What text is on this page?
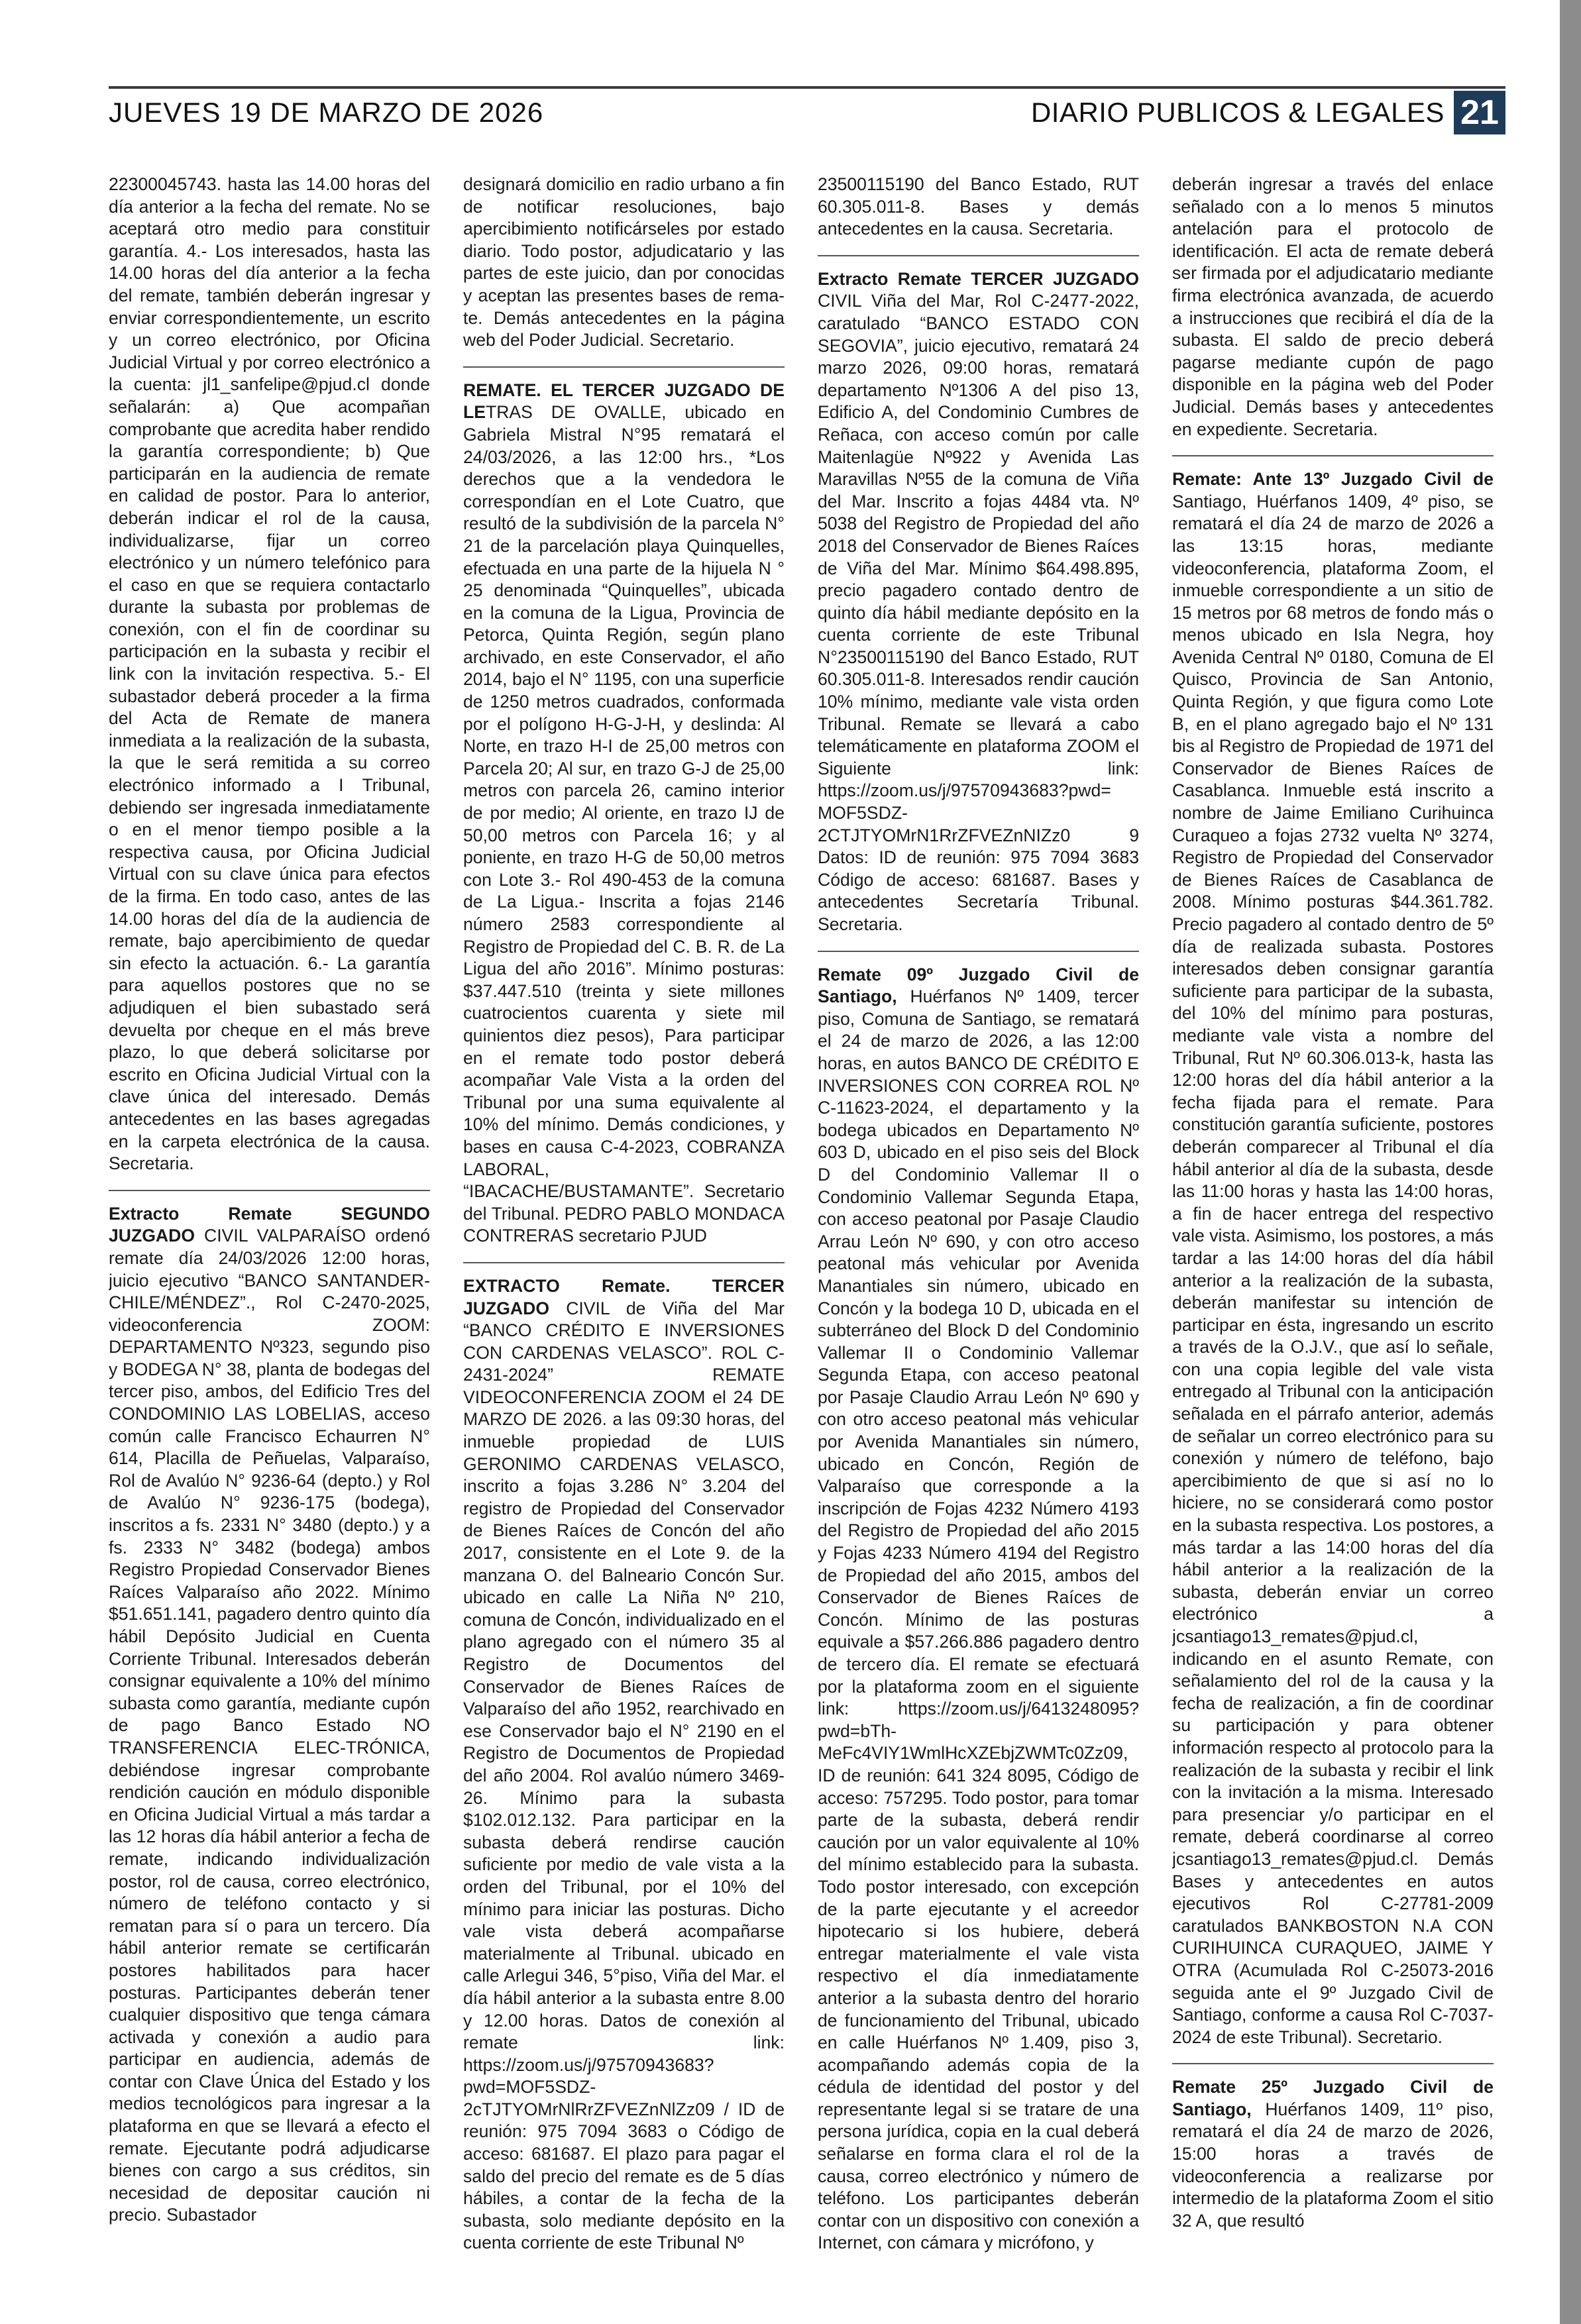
JUEVES 19 DE MARZO DE 2026	DIARIO PUBLICOS & LEGALES 21

22300045743. hasta las 14.00 horas del día anterior a la fecha del remate. No se aceptará otro medio para constituir garantía. 4.- Los interesados, hasta las 14.00 horas del día anterior a la fecha del remate, también deberán ingresar y enviar correspondientemente, un escrito y un correo electrónico, por Oficina Judicial Virtual y por correo electrónico a la cuenta: jl1_sanfelipe@pjud.cl donde señalarán: a) Que acompañan comprobante que acredita haber rendido la garantía correspondiente; b) Que participarán en la audiencia de remate en calidad de postor. Para lo anterior, deberán indicar el rol de la causa, individualizarse, fijar un correo electrónico y un número telefónico para el caso en que se requiera contactarlo durante la subasta por problemas de conexión, con el fin de coordinar su participación en la subasta y recibir el link con la invitación respectiva. 5.- El subastador deberá proceder a la firma del Acta de Remate de manera inmediata a la realización de la subasta, la que le será remitida a su correo electrónico informado a I Tribunal, debiendo ser ingresada inmediatamente o en el menor tiempo posible a la respectiva causa, por Oficina Judicial Virtual con su clave única para efectos de la firma. En todo caso, antes de las 14.00 horas del día de la audiencia de remate, bajo apercibimiento de quedar sin efecto la actuación. 6.- La garantía para aquellos postores que no se adjudiquen el bien subastado será devuelta por cheque en el más breve plazo, lo que deberá solicitarse por escrito en Oficina Judicial Virtual con la clave única del interesado. Demás antecedentes en las bases agregadas en la carpeta electrónica de la causa. Secretaria.

Extracto Remate SEGUNDO JUZGADO CIVIL VALPARAÍSO ordenó remate día 24/03/2026 12:00 horas, juicio ejecutivo “BANCO SANTANDER-CHILE/MÉNDEZ”., Rol C-2470-2025, videoconferencia ZOOM: DEPARTAMENTO Nº323, segundo piso y BODEGA N° 38, planta de bodegas del tercer piso, ambos, del Edificio Tres del CONDOMINIO LAS LOBELIAS, acceso común calle Francisco Echaurren N° 614, Placilla de Peñuelas, Valparaíso, Rol de Avalúo N° 9236-64 (depto.) y Rol de Avalúo N° 9236-175 (bodega), inscritos a fs. 2331 N° 3480 (depto.) y a fs. 2333 N° 3482 (bodega) ambos Registro Propiedad Conservador Bienes Raíces Valparaíso año 2022. Mínimo $51.651.141, pagadero dentro quinto día hábil Depósito Judicial en Cuenta Corriente Tribunal. Interesados deberán consignar equivalente a 10% del mínimo subasta como garantía, mediante cupón de pago Banco Estado NO TRANSFERENCIA ELEC-TRÓNICA, debiéndose ingresar comprobante rendición caución en módulo disponible en Oficina Judicial Virtual a más tardar a las 12 horas día hábil anterior a fecha de remate, indicando individualización postor, rol de causa, correo electrónico, número de teléfono contacto y si rematan para sí o para un tercero. Día hábil anterior remate se certificarán postores habilitados para hacer posturas. Participantes deberán tener cualquier dispositivo que tenga cámara activada y conexión a audio para participar en audiencia, además de contar con Clave Única del Estado y los medios tecnológicos para ingresar a la plataforma en que se llevará a efecto el remate. Ejecutante podrá adjudicarse bienes con cargo a sus créditos, sin necesidad de depositar caución ni precio. Subastador

designará domicilio en radio urbano a fin de notificar resoluciones, bajo apercibimiento notificárseles por estado diario. Todo postor, adjudicatario y las partes de este juicio, dan por conocidas y aceptan las presentes bases de rema-te. Demás antecedentes en la página web del Poder Judicial. Secretario.

REMATE. EL TERCER JUZGADO DE LETRAS DE OVALLE, ubicado en Gabriela Mistral N°95 rematará el 24/03/2026, a las 12:00 hrs., *Los derechos que a la vendedora le correspondían en el Lote Cuatro, que resultó de la subdivisión de la parcela N° 21 de la parcelación playa Quinquelles, efectuada en una parte de la hijuela N ° 25 denominada “Quinquelles”, ubicada en la comuna de la Ligua, Provincia de Petorca, Quinta Región, según plano archivado, en este Conservador, el año 2014, bajo el N° 1195, con una superficie de 1250 metros cuadrados, conformada por el polígono H-G-J-H, y deslinda: Al Norte, en trazo H-I de 25,00 metros con Parcela 20; Al sur, en trazo G-J de 25,00 metros con parcela 26, camino interior de por medio; Al oriente, en trazo IJ de 50,00 metros con Parcela 16; y al poniente, en trazo H-G de 50,00 metros con Lote 3.- Rol 490-453 de la comuna de La Ligua.- Inscrita a fojas 2146 número 2583 correspondiente al Registro de Propiedad del C. B. R. de La Ligua del año 2016”. Mínimo posturas: $37.447.510 (treinta y siete millones cuatrocientos cuarenta y siete mil quinientos diez pesos), Para participar en el remate todo postor deberá acompañar Vale Vista a la orden del Tribunal por una suma equivalente al 10% del mínimo. Demás condiciones, y bases en causa C-4-2023, COBRANZA LABORAL, “IBACACHE/BUSTAMANTE”. Secretario del Tribunal. PEDRO PABLO MONDACA CONTRERAS secretario PJUD

EXTRACTO Remate. TERCER JUZGADO CIVIL de Viña del Mar “BANCO CRÉDITO E INVERSIONES CON CARDENAS VELASCO”. ROL C-2431-2024” REMATE VIDEOCONFERENCIA ZOOM el 24 DE MARZO DE 2026. a las 09:30 horas, del inmueble propiedad de LUIS GERONIMO CARDENAS VELASCO, inscrito a fojas 3.286 N° 3.204 del registro de Propiedad del Conservador de Bienes Raíces de Concón del año 2017, consistente en el Lote 9. de la manzana O. del Balneario Concón Sur. ubicado en calle La Niña Nº 210, comuna de Concón, individualizado en el plano agregado con el número 35 al Registro de Documentos del Conservador de Bienes Raíces de Valparaíso del año 1952, rearchivado en ese Conservador bajo el N° 2190 en el Registro de Documentos de Propiedad del año 2004. Rol avalúo número 3469-26. Mínimo para la subasta $102.012.132. Para participar en la subasta deberá rendirse caución suficiente por medio de vale vista a la orden del Tribunal, por el 10% del mínimo para iniciar las posturas. Dicho vale vista deberá acompañarse materialmente al Tribunal. ubicado en calle Arlegui 346, 5°piso, Viña del Mar. el día hábil anterior a la subasta entre 8.00 y 12.00 horas. Datos de conexión al remate link: https://zoom.us/j/97570943683?pwd=MOF5SDZ-2cTJTYOMrNlRrZFVEZnNlZz09 / ID de reunión: 975 7094 3683 o Código de acceso: 681687. El plazo para pagar el saldo del precio del remate es de 5 días hábiles, a contar de la fecha de la subasta, solo mediante depósito en la cuenta corriente de este Tribunal Nº

23500115190 del Banco Estado, RUT 60.305.011-8. Bases y demás antecedentes en la causa. Secretaria.

Extracto Remate TERCER JUZGADO CIVIL Viña del Mar, Rol C-2477-2022, caratulado “BANCO ESTADO CON SEGOVIA”, juicio ejecutivo, rematará 24 marzo 2026, 09:00 horas, rematará departamento Nº1306 A del piso 13, Edificio A, del Condominio Cumbres de Reñaca, con acceso común por calle Maitenlagüe Nº922 y Avenida Las Maravillas Nº55 de la comuna de Viña del Mar. Inscrito a fojas 4484 vta. Nº 5038 del Registro de Propiedad del año 2018 del Conservador de Bienes Raíces de Viña del Mar. Mínimo $64.498.895, precio pagadero contado dentro de quinto día hábil mediante depósito en la cuenta corriente de este Tribunal N°23500115190 del Banco Estado, RUT 60.305.011-8. Interesados rendir caución 10% mínimo, mediante vale vista orden Tribunal. Remate se llevará a cabo telemáticamente en plataforma ZOOM el Siguiente link: https://zoom.us/j/97570943683?pwd= MOF5SDZ-2CTJTYOMrN1RrZFVEZnNIZz0 9 Datos: ID de reunión: 975 7094 3683 Código de acceso: 681687. Bases y antecedentes Secretaría Tribunal. Secretaria.

Remate 09º Juzgado Civil de Santiago, Huérfanos Nº 1409, tercer piso, Comuna de Santiago, se rematará el 24 de marzo de 2026, a las 12:00 horas, en autos BANCO DE CRÉDITO E INVERSIONES CON CORREA ROL Nº C-11623-2024, el departamento y la bodega ubicados en Departamento Nº 603 D, ubicado en el piso seis del Block D del Condominio Vallemar II o Condominio Vallemar Segunda Etapa, con acceso peatonal por Pasaje Claudio Arrau León Nº 690, y con otro acceso peatonal más vehicular por Avenida Manantiales sin número, ubicado en Concón y la bodega 10 D, ubicada en el subterráneo del Block D del Condominio Vallemar II o Condominio Vallemar Segunda Etapa, con acceso peatonal por Pasaje Claudio Arrau León Nº 690 y con otro acceso peatonal más vehicular por Avenida Manantiales sin número, ubicado en Concón, Región de Valparaíso que corresponde a la inscripción de Fojas 4232 Número 4193 del Registro de Propiedad del año 2015 y Fojas 4233 Número 4194 del Registro de Propiedad del año 2015, ambos del Conservador de Bienes Raíces de Concón. Mínimo de las posturas equivale a $57.266.886 pagadero dentro de tercero día. El remate se efectuará por la plataforma zoom en el siguiente link: https://zoom.us/j/6413248095?pwd=bTh-MeFc4VIY1WmlHcXZEbjZWMTc0Zz09, ID de reunión: 641 324 8095, Código de acceso: 757295. Todo postor, para tomar parte de la subasta, deberá rendir caución por un valor equivalente al 10% del mínimo establecido para la subasta. Todo postor interesado, con excepción de la parte ejecutante y el acreedor hipotecario si los hubiere, deberá entregar materialmente el vale vista respectivo el día inmediatamente anterior a la subasta dentro del horario de funcionamiento del Tribunal, ubicado en calle Huérfanos Nº 1.409, piso 3, acompañando además copia de la cédula de identidad del postor y del representante legal si se tratare de una persona jurídica, copia en la cual deberá señalarse en forma clara el rol de la causa, correo electrónico y número de teléfono. Los participantes deberán contar con un dispositivo con conexión a Internet, con cámara y micrófono, y

deberán ingresar a través del enlace señalado con a lo menos 5 minutos antelación para el protocolo de identificación. El acta de remate deberá ser firmada por el adjudicatario mediante firma electrónica avanzada, de acuerdo a instrucciones que recibirá el día de la subasta. El saldo de precio deberá pagarse mediante cupón de pago disponible en la página web del Poder Judicial. Demás bases y antecedentes en expediente. Secretaria.

Remate: Ante 13º Juzgado Civil de Santiago, Huérfanos 1409, 4º piso, se rematará el día 24 de marzo de 2026 a las 13:15 horas, mediante videoconferencia, plataforma Zoom, el inmueble correspondiente a un sitio de 15 metros por 68 metros de fondo más o menos ubicado en Isla Negra, hoy Avenida Central Nº 0180, Comuna de El Quisco, Provincia de San Antonio, Quinta Región, y que figura como Lote B, en el plano agregado bajo el Nº 131 bis al Registro de Propiedad de 1971 del Conservador de Bienes Raíces de Casablanca. Inmueble está inscrito a nombre de Jaime Emiliano Curihuinca Curaqueo a fojas 2732 vuelta Nº 3274, Registro de Propiedad del Conservador de Bienes Raíces de Casablanca de 2008. Mínimo posturas $44.361.782. Precio pagadero al contado dentro de 5º día de realizada subasta. Postores interesados deben consignar garantía suficiente para participar de la subasta, del 10% del mínimo para posturas, mediante vale vista a nombre del Tribunal, Rut Nº 60.306.013-k, hasta las 12:00 horas del día hábil anterior a la fecha fijada para el remate. Para constitución garantía suficiente, postores deberán comparecer al Tribunal el día hábil anterior al día de la subasta, desde las 11:00 horas y hasta las 14:00 horas, a fin de hacer entrega del respectivo vale vista. Asimismo, los postores, a más tardar a las 14:00 horas del día hábil anterior a la realización de la subasta, deberán manifestar su intención de participar en ésta, ingresando un escrito a través de la O.J.V., que así lo señale, con una copia legible del vale vista entregado al Tribunal con la anticipación señalada en el párrafo anterior, además de señalar un correo electrónico para su conexión y número de teléfono, bajo apercibimiento de que si así no lo hiciere, no se considerará como postor en la subasta respectiva. Los postores, a más tardar a las 14:00 horas del día hábil anterior a la realización de la subasta, deberán enviar un correo electrónico a jcsantiago13_remates@pjud.cl, indicando en el asunto Remate, con señalamiento del rol de la causa y la fecha de realización, a fin de coordinar su participación y para obtener información respecto al protocolo para la realización de la subasta y recibir el link con la invitación a la misma. Interesado para presenciar y/o participar en el remate, deberá coordinarse al correo jcsantiago13_remates@pjud.cl. Demás Bases y antecedentes en autos ejecutivos Rol C-27781-2009 caratulados BANKBOSTON N.A CON CURIHUINCA CURAQUEO, JAIME Y OTRA (Acumulada Rol C-25073-2016 seguida ante el 9º Juzgado Civil de Santiago, conforme a causa Rol C-7037-2024 de este Tribunal). Secretario.

Remate 25º Juzgado Civil de Santiago, Huérfanos 1409, 11º piso, rematará el día 24 de marzo de 2026, 15:00 horas a través de videoconferencia a realizarse por intermedio de la plataforma Zoom el sitio 32 A, que resultó
